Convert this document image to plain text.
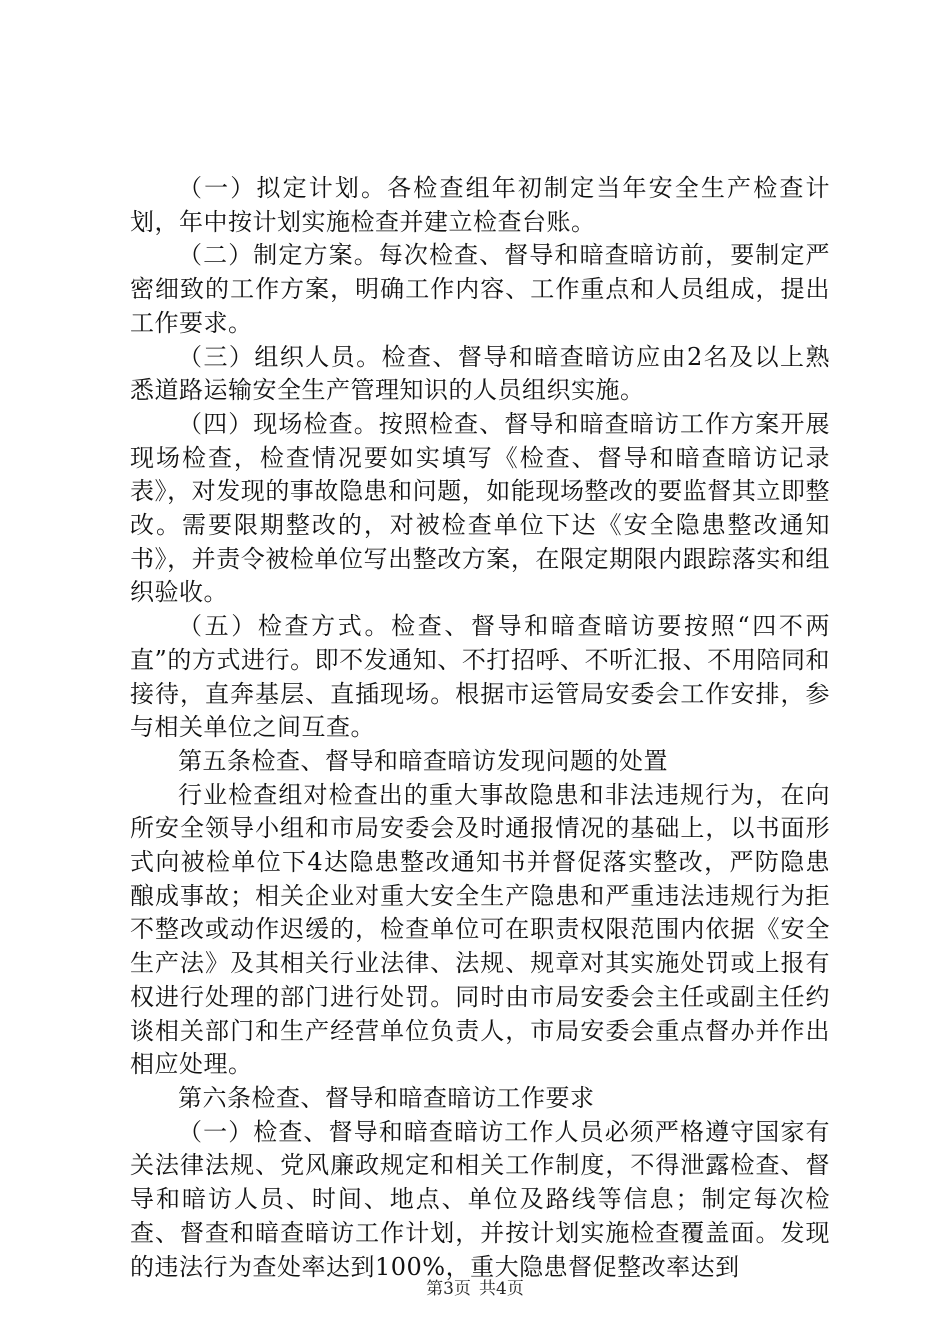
（一）拟定计划。各检查组年初制定当年安全生产检查计划，年中按计划实施检查并建立检查台账。

（二）制定方案。每次检查、督导和暗查暗访前，要制定严密细致的工作方案，明确工作内容、工作重点和人员组成，提出工作要求。

（三）组织人员。检查、督导和暗查暗访应由2名及以上熟悉道路运输安全生产管理知识的人员组织实施。

（四）现场检查。按照检查、督导和暗查暗访工作方案开展现场检查，检查情况要如实填写《检查、督导和暗查暗访记录表》，对发现的事故隐患和问题，如能现场整改的要监督其立即整改。需要限期整改的，对被检查单位下达《安全隐患整改通知书》，并责令被检单位写出整改方案，在限定期限内跟踪落实和组织验收。

（五）检查方式。检查、督导和暗查暗访要按照“四不两直”的方式进行。即不发通知、不打招呼、不听汇报、不用陪同和接待，直奔基层、直插现场。根据市运管局安委会工作安排，参与相关单位之间互查。

第五条检查、督导和暗查暗访发现问题的处置

行业检查组对检查出的重大事故隐患和非法违规行为，在向所安全领导小组和市局安委会及时通报情况的基础上，以书面形式向被检单位下4达隐患整改通知书并督促落实整改，严防隐患酿成事故；相关企业对重大安全生产隐患和严重违法违规行为拒不整改或动作迟缓的，检查单位可在职责权限范围内依据《安全生产法》及其相关行业法律、法规、规章对其实施处罚或上报有权进行处理的部门进行处罚。同时由市局安委会主任或副主任约谈相关部门和生产经营单位负责人，市局安委会重点督办并作出相应处理。

第六条检查、督导和暗查暗访工作要求

（一）检查、督导和暗查暗访工作人员必须严格遵守国家有关法律法规、党风廉政规定和相关工作制度，不得泄露检查、督导和暗访人员、时间、地点、单位及路线等信息；制定每次检查、督查和暗查暗访工作计划，并按计划实施检查覆盖面。发现的违法行为查处率达到100%，重大隐患督促整改率达到

第3页 共4页
